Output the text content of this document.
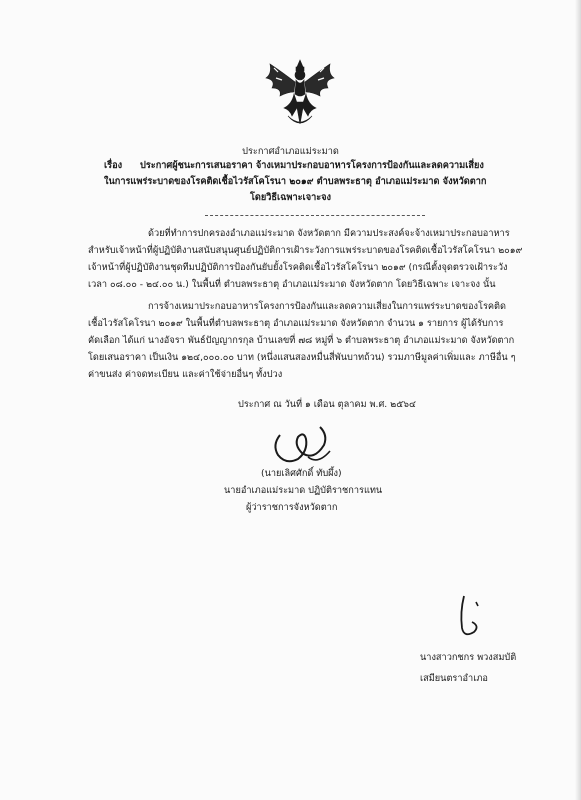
ประกาศอำเภอแม่ระมาด
เรื่อง ประกาศผู้ชนะการเสนอราคา จ้างเหมาประกอบอาหารโครงการป้องกันและลดความเสี่ยง
ในการแพร่ระบาดของโรคติดเชื้อไวรัสโคโรนา ๒๐๑๙ ตำบลพระธาตุ อำเภอแม่ระมาด จังหวัดตาก
โดยวิธีเฉพาะเจาะจง
ด้วยที่ทำการปกครองอำเภอแม่ระมาด จังหวัดตาก มีความประสงค์จะจ้างเหมาประกอบอาหาร
สำหรับเจ้าหน้าที่ผู้ปฏิบัติงานสนับสนุนศูนย์ปฏิบัติการเฝ้าระวังการแพร่ระบาดของโรคติดเชื้อไวรัสโคโรนา ๒๐๑๙
เจ้าหน้าที่ผู้ปฏิบัติงานชุดทีมปฏิบัติการป้องกันยับยั้งโรคติดเชื้อไวรัสโคโรนา ๒๐๑๙ (กรณีตั้งจุดตรวจเฝ้าระวัง
เวลา ๐๘.๐๐ - ๒๔.๐๐ น.) ในพื้นที่ ตำบลพระธาตุ อำเภอแม่ระมาด จังหวัดตาก โดยวิธีเฉพาะ เจาะจง นั้น
การจ้างเหมาประกอบอาหารโครงการป้องกันและลดความเสี่ยงในการแพร่ระบาดของโรคติด
เชื้อไวรัสโคโรนา ๒๐๑๙ ในพื้นที่ตำบลพระธาตุ อำเภอแม่ระมาด จังหวัดตาก จำนวน ๑ รายการ ผู้ได้รับการ
คัดเลือก ได้แก่ นางอัจรา พันธ์ปัญญากรกุล บ้านเลขที่ ๗๘ หมู่ที่ ๖ ตำบลพระธาตุ อำเภอแม่ระมาด จังหวัดตาก
โดยเสนอราคา เป็นเงิน ๑๒๔,๐๐๐.๐๐ บาท (หนึ่งแสนสองหมื่นสี่พันบาทถ้วน) รวมภาษีมูลค่าเพิ่มและ ภาษีอื่น ๆ
ค่าขนส่ง ค่าจดทะเบียน และค่าใช้จ่ายอื่นๆ ทั้งปวง
ประกาศ ณ วันที่ ๑ เดือน ตุลาคม พ.ศ. ๒๕๖๔
(นายเลิศศักดิ์ ทับผึ้ง)
นายอำเภอแม่ระมาด ปฏิบัติราชการแทน
ผู้ว่าราชการจังหวัดตาก
นางสาวกชกร พวงสมบัติ
เสมียนตราอำเภอ
